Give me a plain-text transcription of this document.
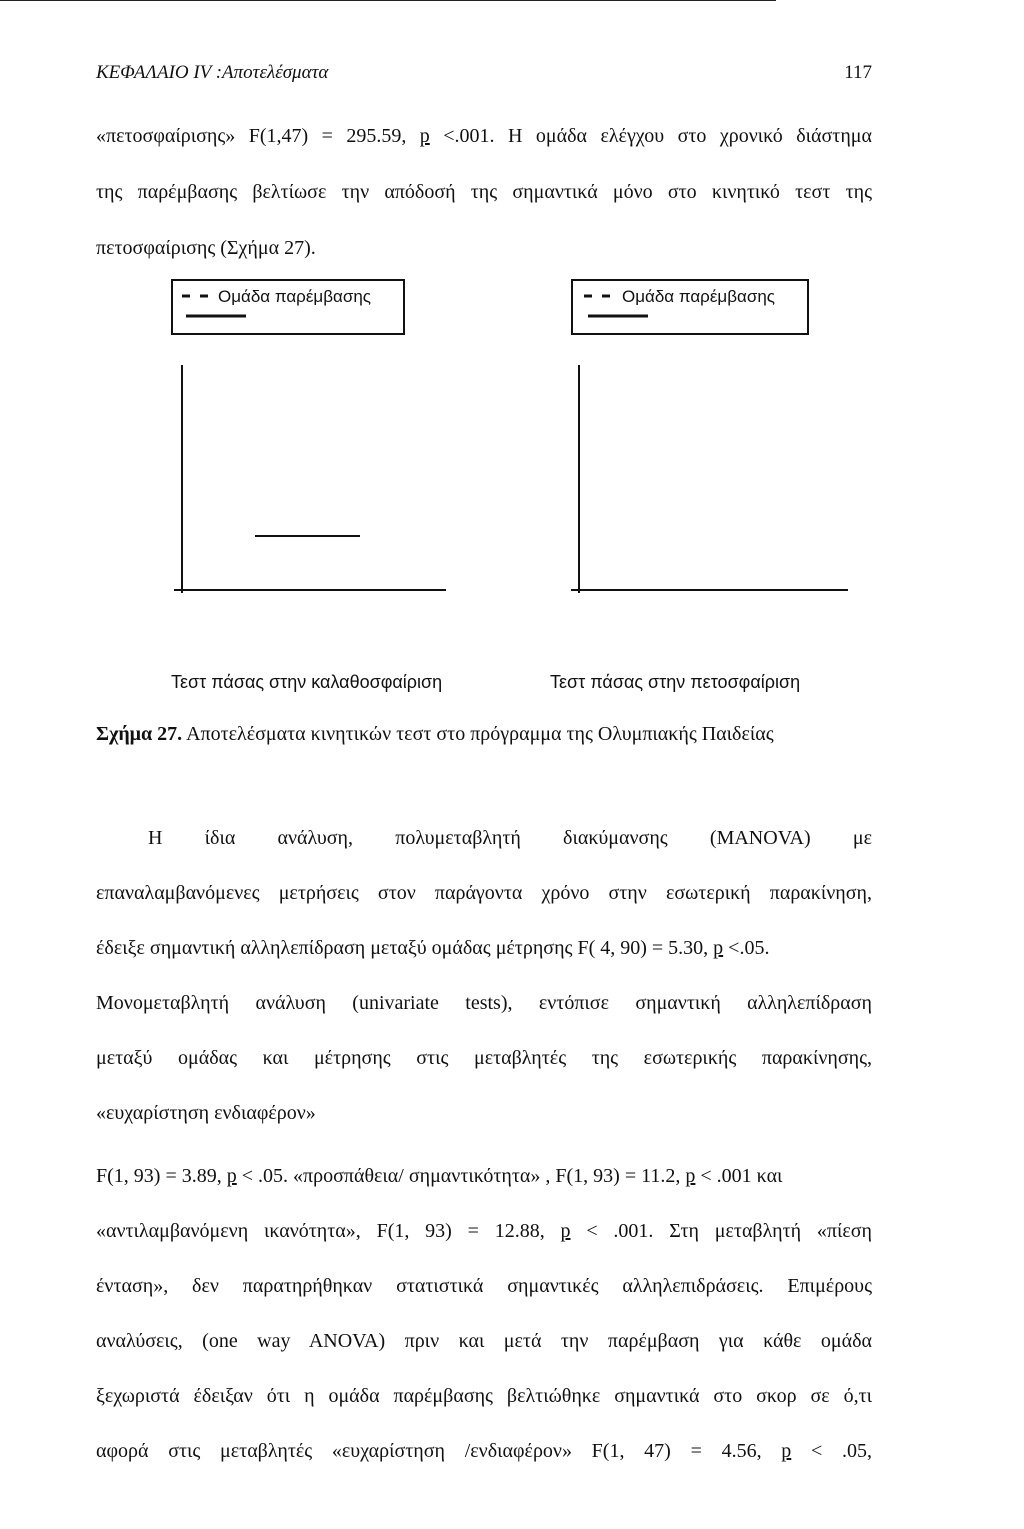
ΚΕΦΑΛΑΙΟ IV :Αποτελέσματα	117
«πετοσφαίρισης» F(1,47) = 295.59, p <.001. Η ομάδα ελέγχου στο χρονικό διάστημα
της παρέμβασης βελτίωσε την απόδοσή της σημαντικά μόνο στο κινητικό τεστ της
πετοσφαίρισης (Σχήμα 27).
Ομάδα παρέμβασης	Ομάδα παρέμβασης
Τεστ πάσας στην καλαθοσφαίριση	Τεστ πάσας στην πετοσφαίριση
Σχήμα 27. Αποτελέσματα κινητικών τεστ στο πρόγραμμα της Ολυμπιακής Παιδείας
Η ίδια ανάλυση, πολυμεταβλητή διακύμανσης (MANOVA) με
επαναλαμβανόμενες μετρήσεις στον παράγοντα χρόνο στην εσωτερική παρακίνηση,
έδειξε σημαντική αλληλεπίδραση μεταξύ ομάδας μέτρησης F( 4, 90) = 5.30, p <.05.
Μονομεταβλητή ανάλυση (univariate tests), εντόπισε σημαντική αλληλεπίδραση
μεταξύ ομάδας και μέτρησης στις μεταβλητές της εσωτερικής παρακίνησης,
«ευχαρίστηση ενδιαφέρον»
F(1, 93) = 3.89, p < .05. «προσπάθεια/ σημαντικότητα» , F(1, 93) = 11.2, p < .001 και
«αντιλαμβανόμενη ικανότητα», F(1, 93) = 12.88, p < .001. Στη μεταβλητή «πίεση
ένταση», δεν παρατηρήθηκαν στατιστικά σημαντικές αλληλεπιδράσεις. Επιμέρους
αναλύσεις, (one way ANOVA) πριν και μετά την παρέμβαση για κάθε ομάδα
ξεχωριστά έδειξαν ότι η ομάδα παρέμβασης βελτιώθηκε σημαντικά στο σκορ σε ό,τι
αφορά στις μεταβλητές «ευχαρίστηση /ενδιαφέρον» F(1, 47) = 4.56, p < .05,
